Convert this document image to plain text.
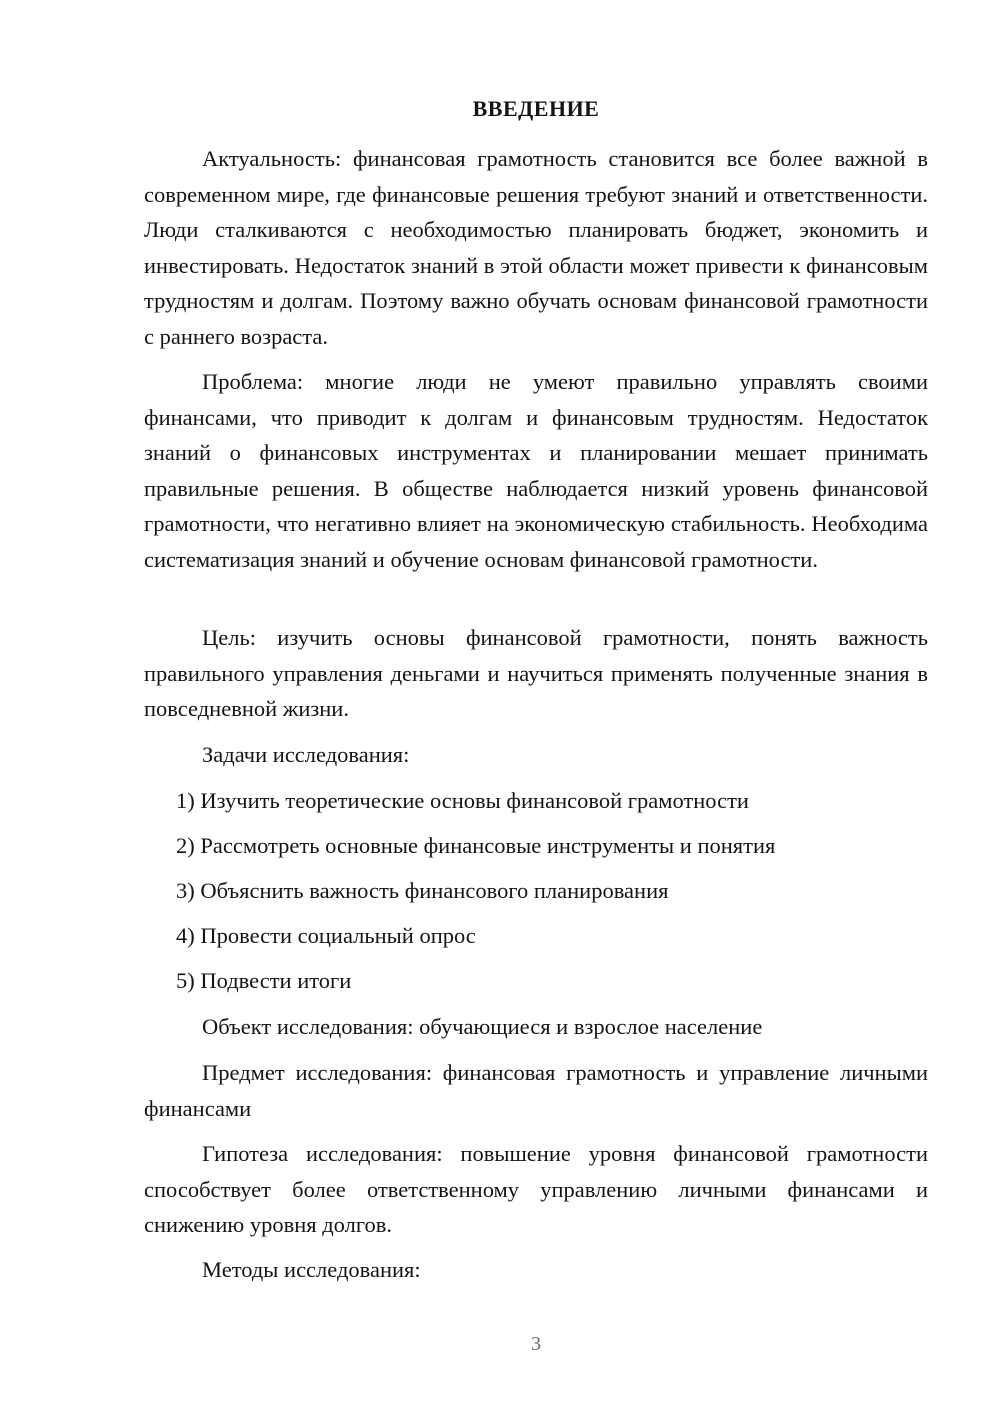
ВВЕДЕНИЕ

Актуальность: финансовая грамотность становится все более важной в современном мире, где финансовые решения требуют знаний и ответственности. Люди сталкиваются с необходимостью планировать бюджет, экономить и инвестировать. Недостаток знаний в этой области может привести к финансовым трудностям и долгам. Поэтому важно обучать основам финансовой грамотности с раннего возраста.

Проблема: многие люди не умеют правильно управлять своими финансами, что приводит к долгам и финансовым трудностям. Недостаток знаний о финансовых инструментах и планировании мешает принимать правильные решения. В обществе наблюдается низкий уровень финансовой грамотности, что негативно влияет на экономическую стабильность. Необходима систематизация знаний и обучение основам финансовой грамотности.

Цель: изучить основы финансовой грамотности, понять важность правильного управления деньгами и научиться применять полученные знания в повседневной жизни.

Задачи исследования:

1) Изучить теоретические основы финансовой грамотности

2) Рассмотреть основные финансовые инструменты и понятия

3) Объяснить важность финансового планирования

4) Провести социальный опрос

5) Подвести итоги

Объект исследования: обучающиеся и взрослое население

Предмет исследования: финансовая грамотность и управление личными финансами

Гипотеза исследования: повышение уровня финансовой грамотности способствует более ответственному управлению личными финансами и снижению уровня долгов.

Методы исследования:

3
